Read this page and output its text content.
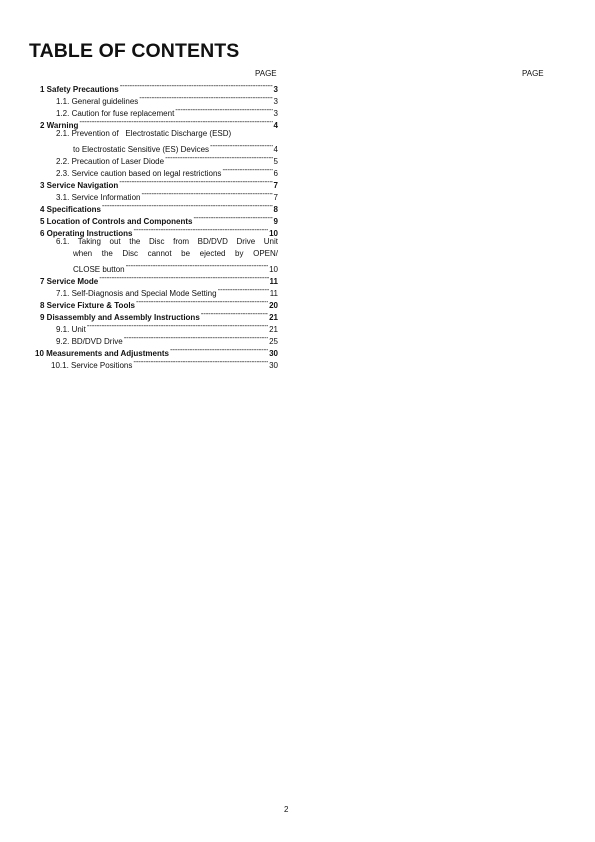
TABLE OF CONTENTS
PAGE	PAGE
1 Safety Precautions -----	3
1.1. General guidelines -----	3
1.2. Caution for fuse replacement -----	3
2 Warning -----	4
2.1. Prevention of   Electrostatic Discharge (ESD)
to Electrostatic Sensitive (ES) Devices -----	4
2.2. Precaution of Laser Diode -----	5
2.3. Service caution based on legal restrictions -----	6
3 Service Navigation -----	7
3.1. Service Information -----	7
4 Specifications -----	8
5 Location of Controls and Components -----	9
6 Operating Instructions -----	10
6.1. Taking out the Disc from BD/DVD Drive Unit
when the Disc cannot be ejected by OPEN/
CLOSE button -----	10
7 Service Mode -----	11
7.1. Self-Diagnosis and Special Mode Setting -----	11
8 Service Fixture & Tools -----	20
9 Disassembly and Assembly Instructions -----	21
9.1. Unit -----	21
9.2. BD/DVD Drive -----	25
10 Measurements and Adjustments -----	30
10.1. Service Positions -----	30
2
